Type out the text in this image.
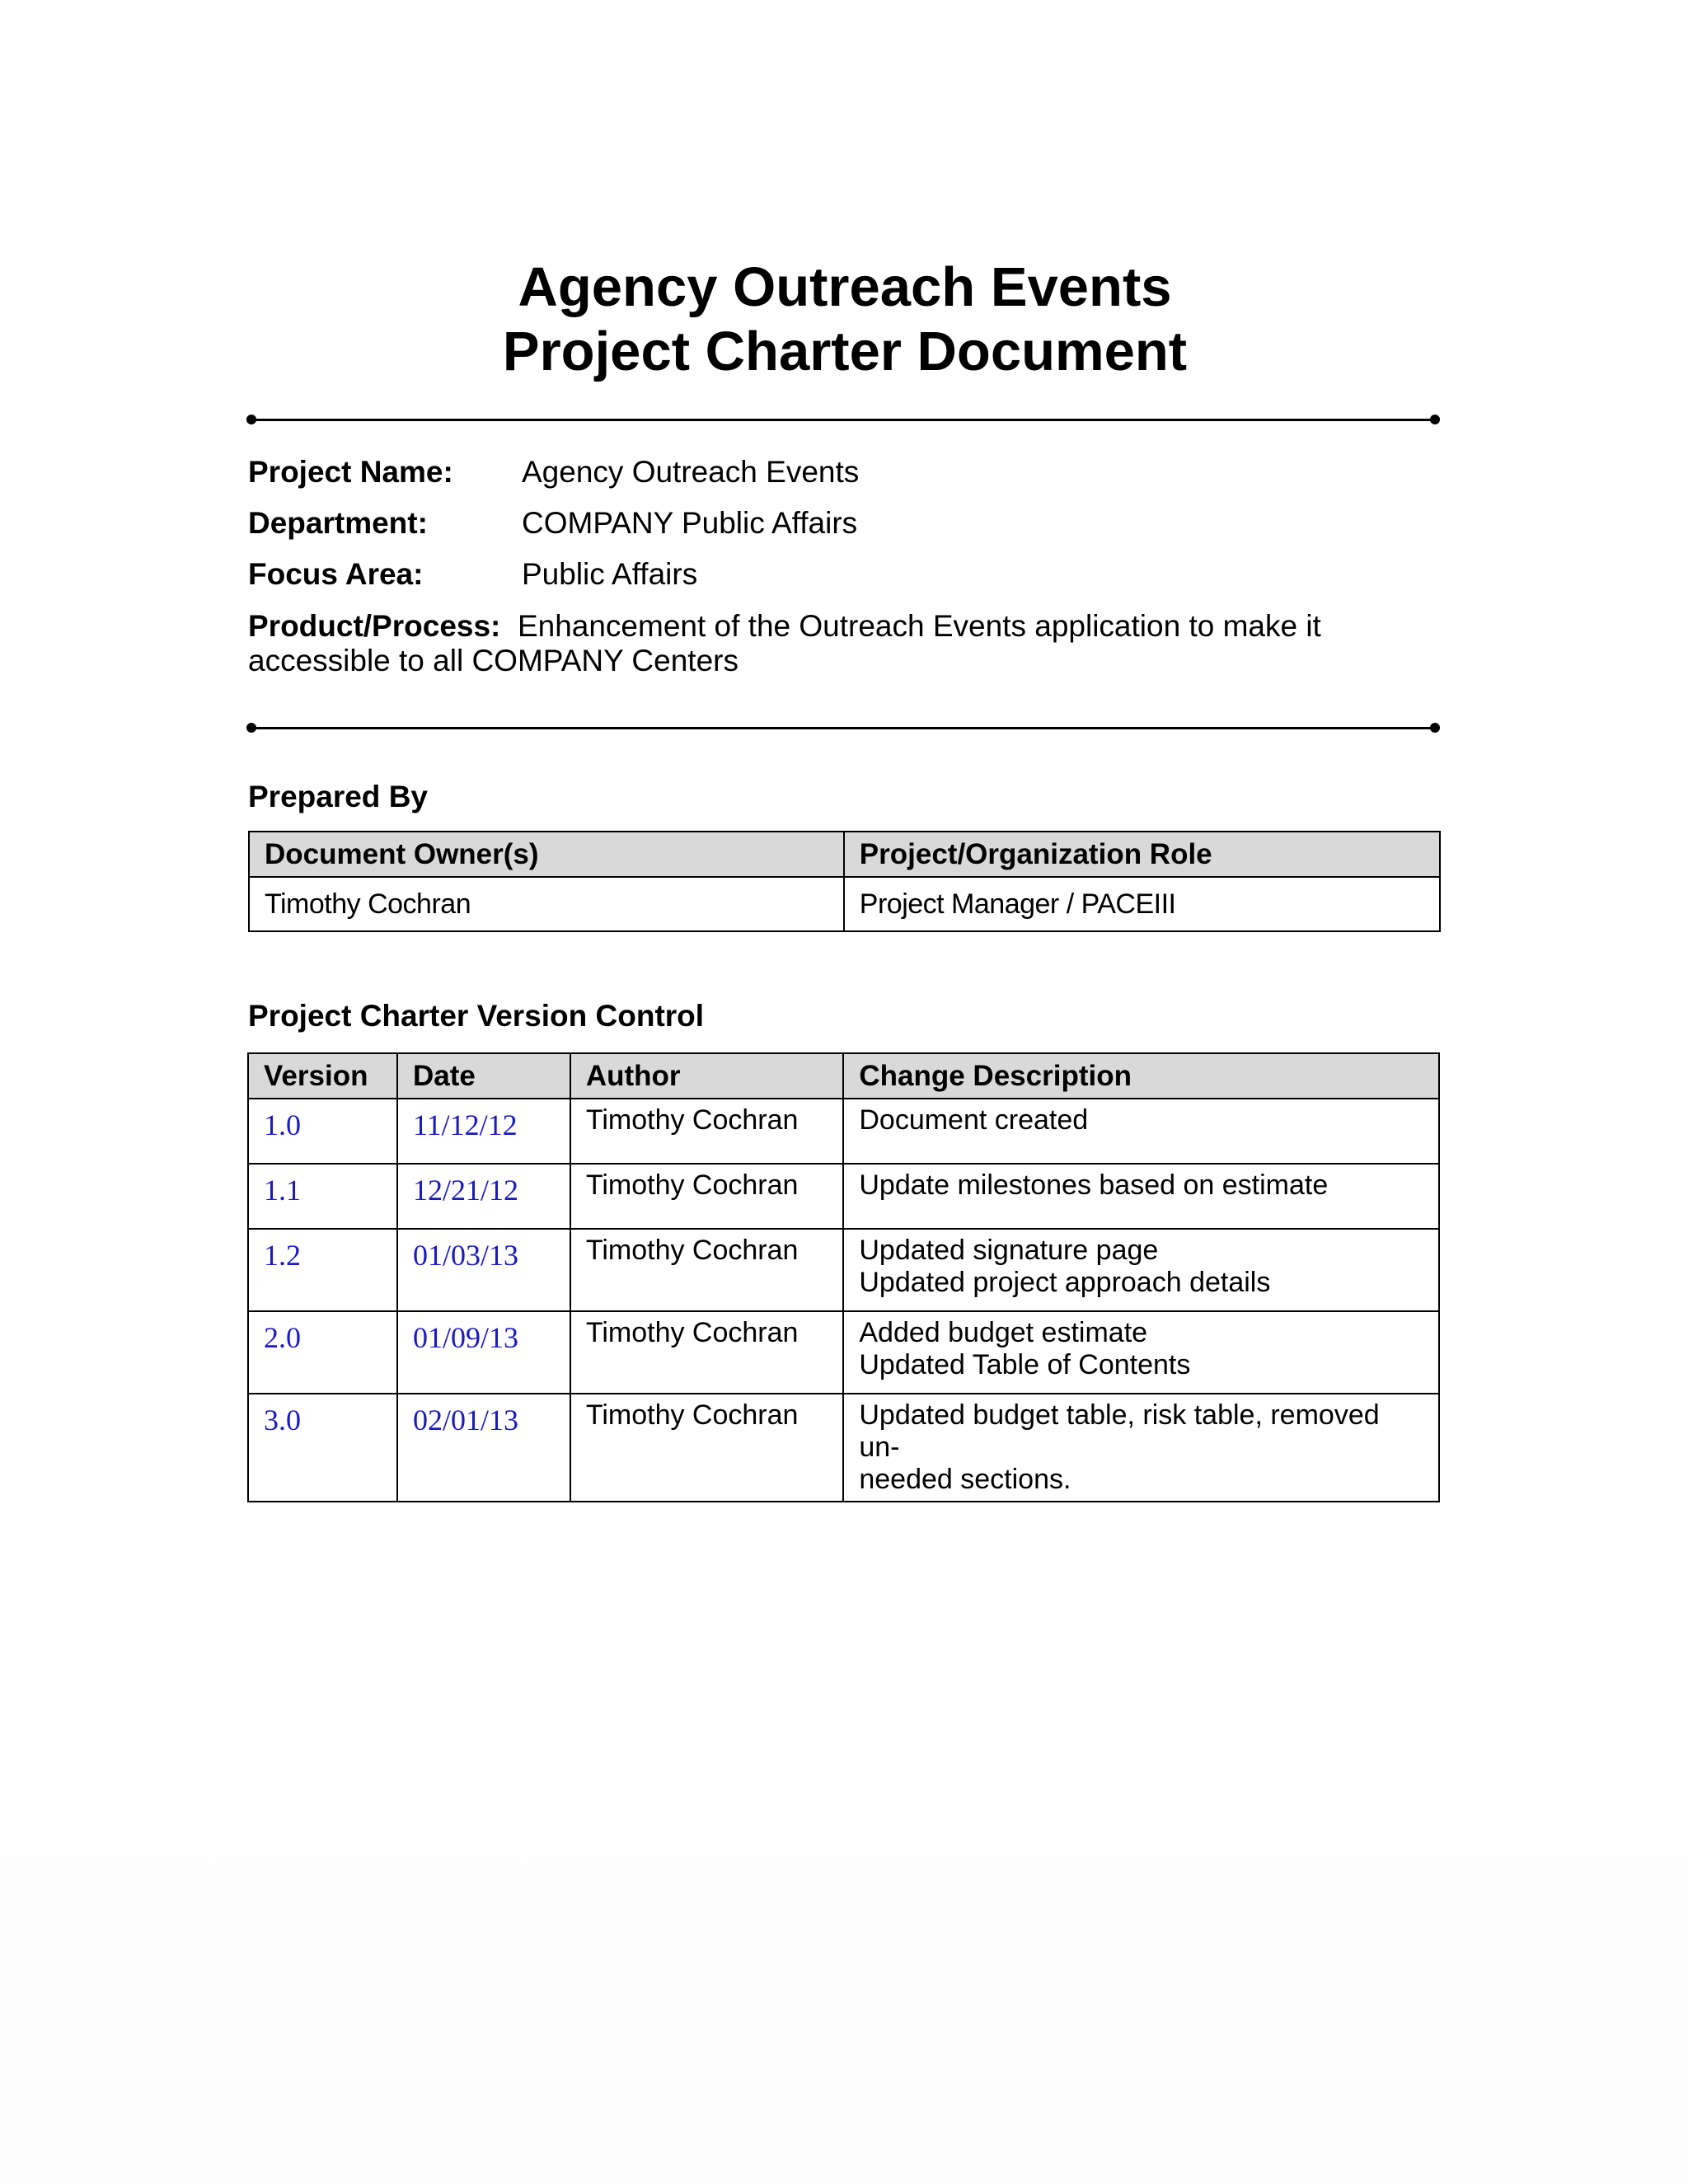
Agency Outreach Events
Project Charter Document
Project Name: Agency Outreach Events
Department:	COMPANY Public Affairs
Focus Area:	Public Affairs
Product/Process: Enhancement of the Outreach Events application to make it accessible to all COMPANY Centers
Prepared By
Document Owner(s)	Project/Organization Role
Timothy Cochran	Project Manager / PACEIII
Project Charter Version Control
Version	Date	Author	Change Description
1.0	11/12/12	Timothy Cochran	Document created

1.1	12/21/12	Timothy Cochran	Update milestones based on estimate

1.2	01/03/13	Timothy Cochran	Updated signature page
Updated project approach details

2.0	01/09/13	Timothy Cochran	Added budget estimate
Updated Table of Contents

3.0	02/01/13	Timothy Cochran	Updated budget table, risk table, removed un-
needed sections.
